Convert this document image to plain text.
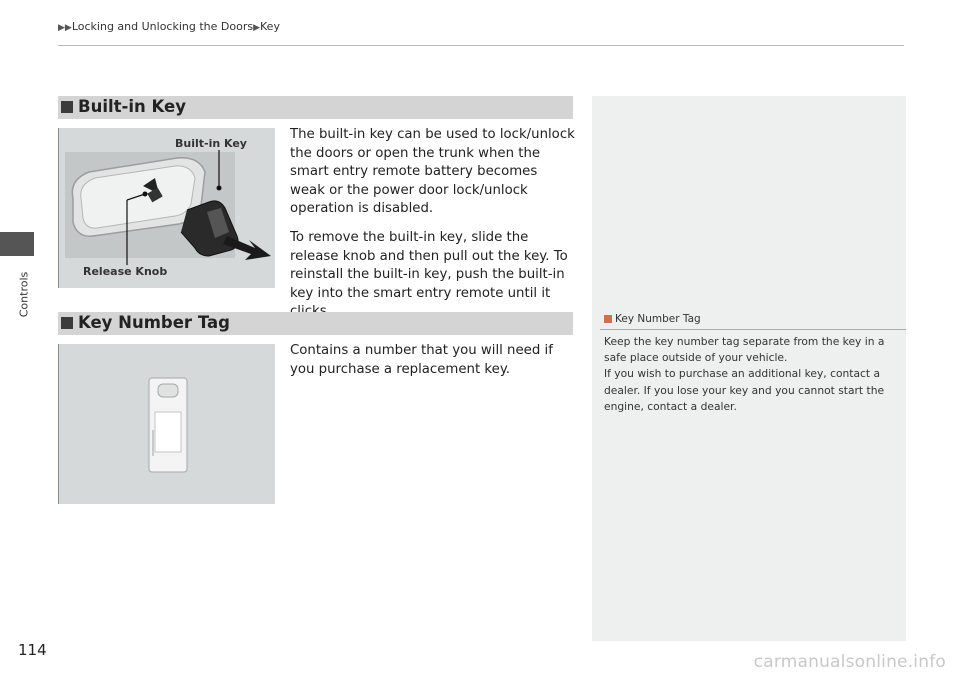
▶▶Locking and Unlocking the Doors▶Key
Controls
Built-in Key
Built-in Key
Release Knob

The built-in key can be used to lock/unlock the doors or open the trunk when the smart entry remote battery becomes weak or the power door lock/unlock operation is disabled.

To remove the built-in key, slide the release knob and then pull out the key. To reinstall the built-in key, push the built-in key into the smart entry remote until it

Key Number Tag

Contains a number that you will need if you purchase a replacement key.

Key Number Tag
Keep the key number tag separate from the key in a
safe place outside of your vehicle.
If you wish to purchase an additional key, contact a
dealer. If you lose your key and you cannot start the
engine, contact a dealer.
114
carmanualsonline.info
